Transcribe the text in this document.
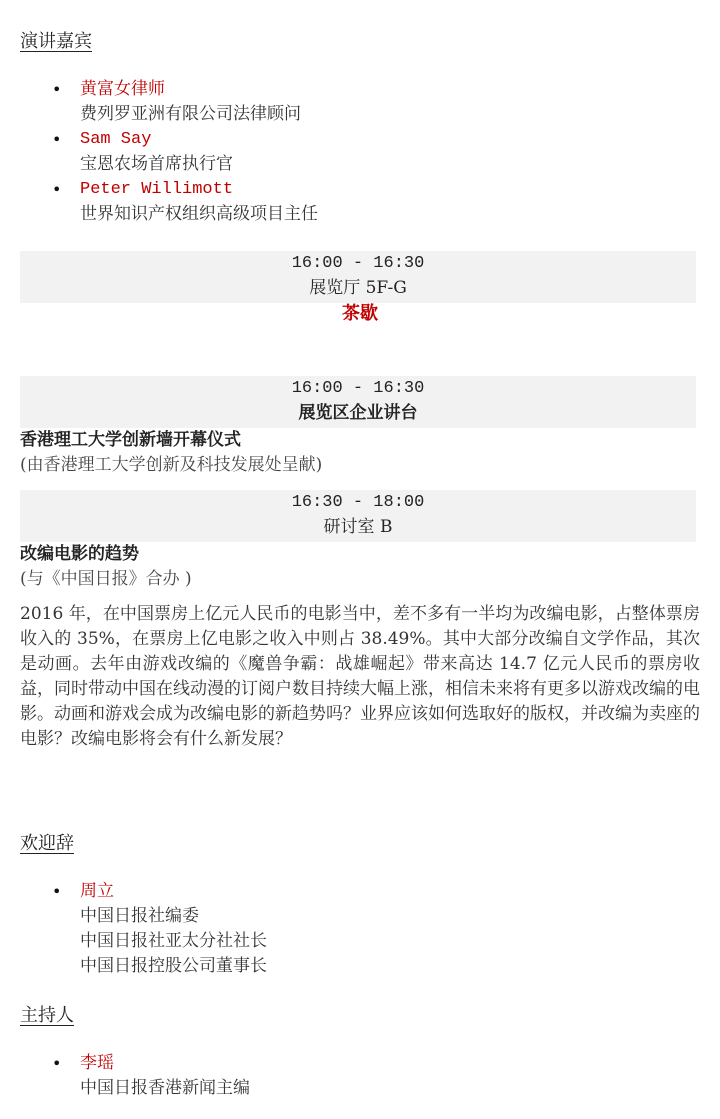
演讲嘉宾
• 黄富女律师
费列罗亚洲有限公司法律顾问
• Sam Say
宝恩农场首席执行官
• Peter Willimott
世界知识产权组织高级项目主任
16:00 - 16:30
展览厅 5F-G
茶歇
16:00 - 16:30
展览区企业讲台
香港理工大学创新墙开幕仪式
(由香港理工大学创新及科技发展处呈献)
16:30 - 18:00
研讨室 B
改编电影的趋势
(与《中国日报》合办 )
2016 年，在中国票房上亿元人民币的电影当中，差不多有一半均为改编电影，占整体票房收入的 35%，在票房上亿电影之收入中则占 38.49%。其中大部分改编自文学作品，其次是动画。去年由游戏改编的《魔兽争霸：战雄崛起》带来高达 14.7 亿元人民币的票房收益，同时带动中国在线动漫的订阅户数目持续大幅上涨，相信未来将有更多以游戏改编的电影。动画和游戏会成为改编电影的新趋势吗？业界应该如何选取好的版权，并改编为卖座的电影？改编电影将会有什么新发展？
欢迎辞
• 周立
中国日报社编委
中国日报社亚太分社社长
中国日报控股公司董事长
主持人
• 李瑶
中国日报香港新闻主编
